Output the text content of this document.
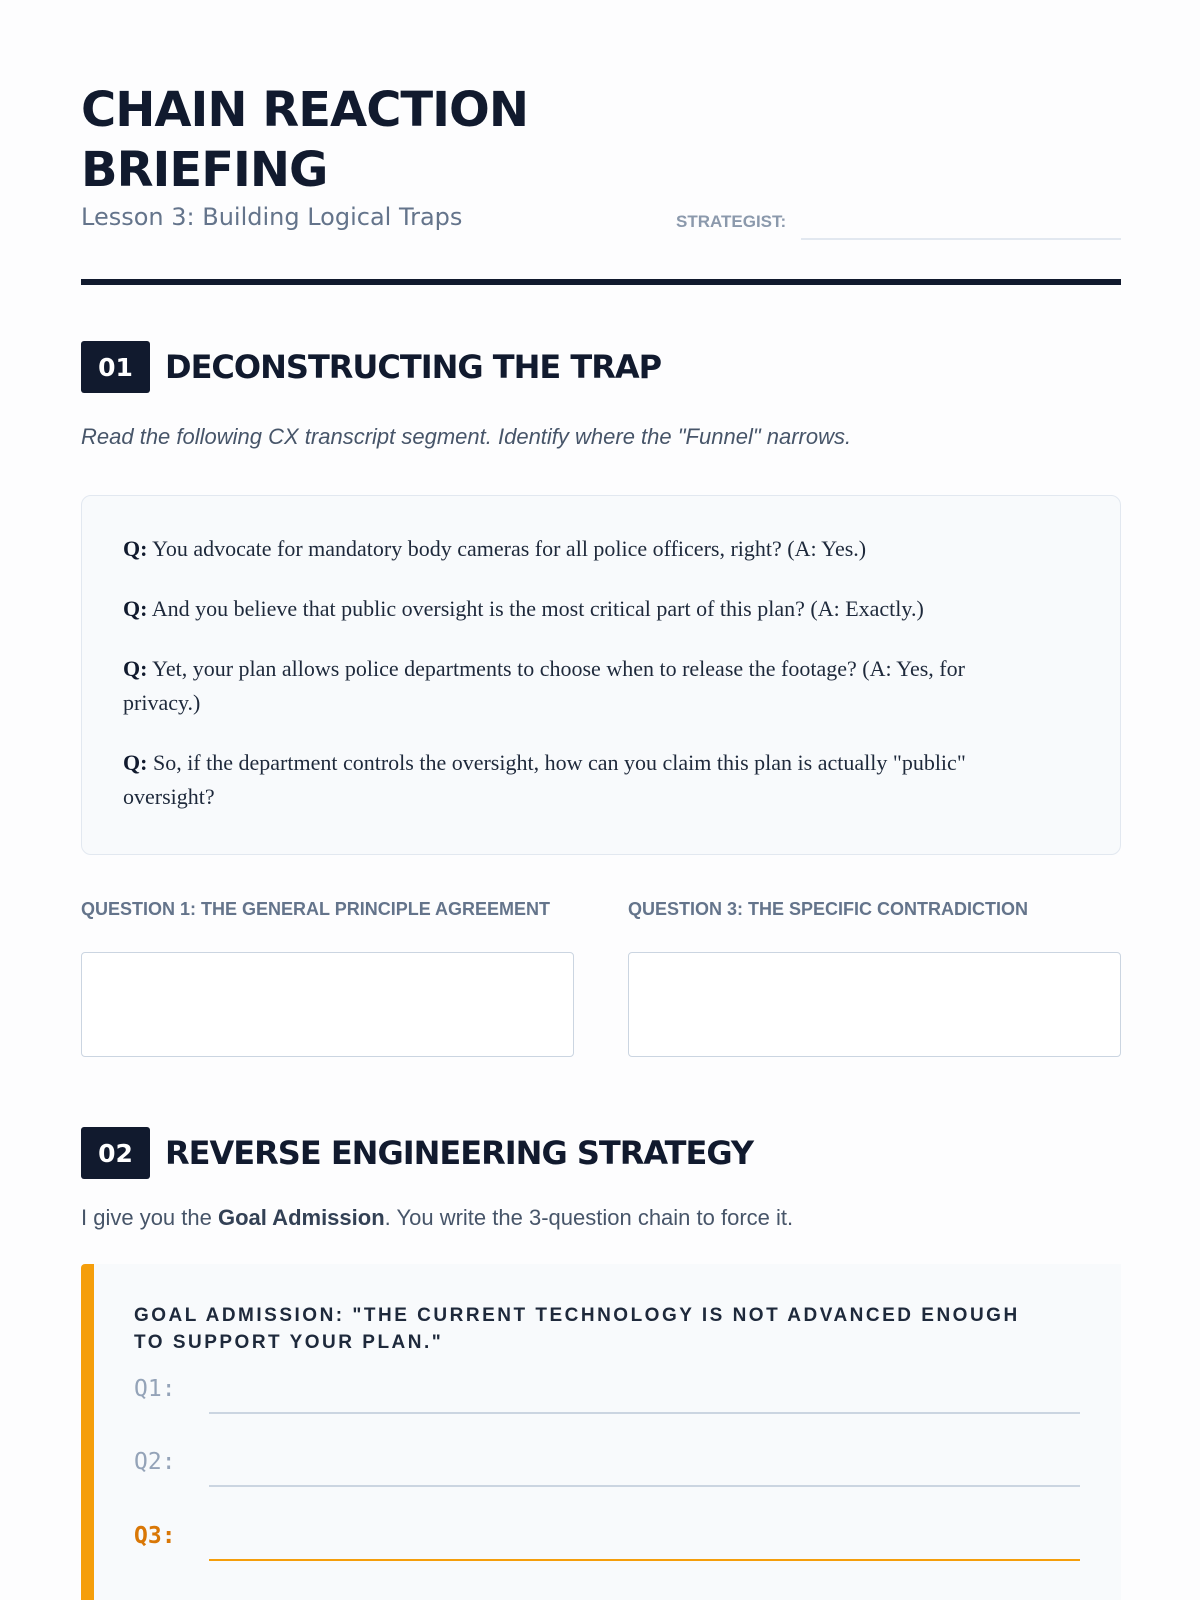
CHAIN REACTION
BRIEFING
Lesson 3: Building Logical Traps	STRATEGIST:
01	DECONSTRUCTING THE TRAP
Read the following CX transcript segment. Identify where the "Funnel" narrows.

Q: You advocate for mandatory body cameras for all police officers, right? (A: Yes.)

Q: And you believe that public oversight is the most critical part of this plan? (A: Exactly.)

Q: Yet, your plan allows police departments to choose when to release the footage? (A: Yes, for privacy.)

Q: So, if the department controls the oversight, how can you claim this plan is actually "public" oversight?

QUESTION 1: THE GENERAL PRINCIPLE AGREEMENT	QUESTION 3: THE SPECIFIC CONTRADICTION
02	REVERSE ENGINEERING STRATEGY
I give you the Goal Admission. You write the 3-question chain to force it.
GOAL ADMISSION: "THE CURRENT TECHNOLOGY IS NOT ADVANCED ENOUGH TO SUPPORT YOUR PLAN."
Q1:
Q2:
Q3:
